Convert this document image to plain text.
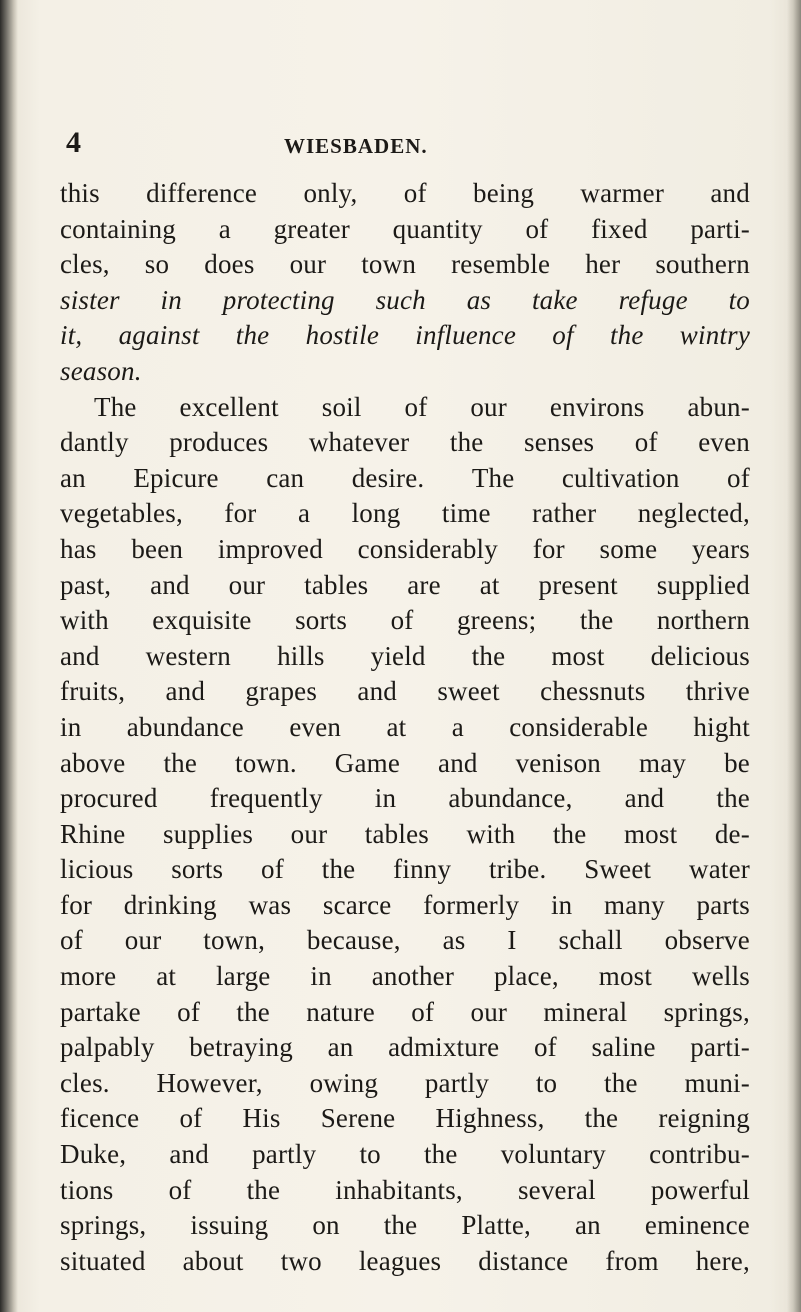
4	WIESBADEN.
this difference only, of being warmer and
containing a greater quantity of fixed parti-
cles, so does our town resemble her southern
sister in protecting such as take refuge to
it, against the hostile influence of the wintry
season.
The excellent soil of our environs abun-
dantly produces whatever the senses of even
an Epicure can desire. The cultivation of
vegetables, for a long time rather neglected,
has been improved considerably for some years
past, and our tables are at present supplied
with exquisite sorts of greens; the northern
and western hills yield the most delicious
fruits, and grapes and sweet chessnuts thrive
in abundance even at a considerable hight
above the town. Game and venison may be
procured frequently in abundance, and the
Rhine supplies our tables with the most de-
licious sorts of the finny tribe. Sweet water
for drinking was scarce formerly in many parts
of our town, because, as I schall observe
more at large in another place, most wells
partake of the nature of our mineral springs,
palpably betraying an admixture of saline parti-
cles. However, owing partly to the muni-
ficence of His Serene Highness, the reigning
Duke, and partly to the voluntary contribu-
tions of the inhabitants, several powerful
springs, issuing on the Platte, an eminence
situated about two leagues distance from here,
